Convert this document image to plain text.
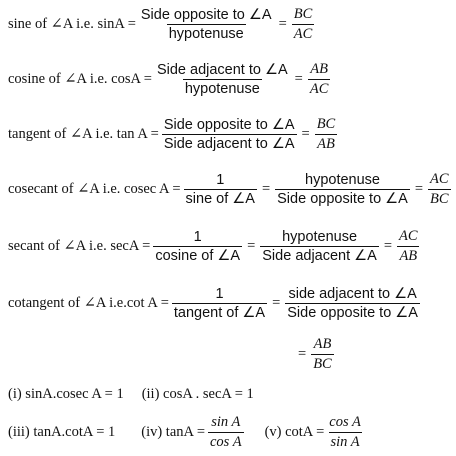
sine of ∠A i.e. $\sin A = \frac{\text{Side opposite to ∠A}}{\text{hypotenuse}} = \frac{BC}{AC}$
cosine of ∠A i.e. $\cos A = \frac{\text{Side adjacent to ∠A}}{\text{hypotenuse}} = \frac{AB}{AC}$
tangent of ∠A i.e. $\tan A = \frac{\text{Side opposite to ∠A}}{\text{Side adjacent to ∠A}} = \frac{BC}{AB}$
cosecant of ∠A i.e. cosec $A = \frac{1}{\text{sine of ∠A}} = \frac{\text{hypotenuse}}{\text{Side opposite to ∠A}} = \frac{AC}{BC}$
secant of ∠A i.e. $\sec A = \frac{1}{\text{cosine of ∠A}} = \frac{\text{hypotenuse}}{\text{Side adjacent ∠A}} = \frac{AC}{AB}$
cotangent of ∠A i.e.cot $A = \frac{1}{\text{tangent of ∠A}} = \frac{\text{side adjacent to ∠A}}{\text{Side opposite to ∠A}}$
= $\frac{AB}{BC}$
(i) sinA.cosec A = 1 (ii) cosA . secA = 1
(iii) tanA.cotA = 1 (iv) $\tan A = \frac{\text{sin A}}{\text{cos A}} (v) \cot A = \frac{\text{cos A}}{\text{sin A}}$
